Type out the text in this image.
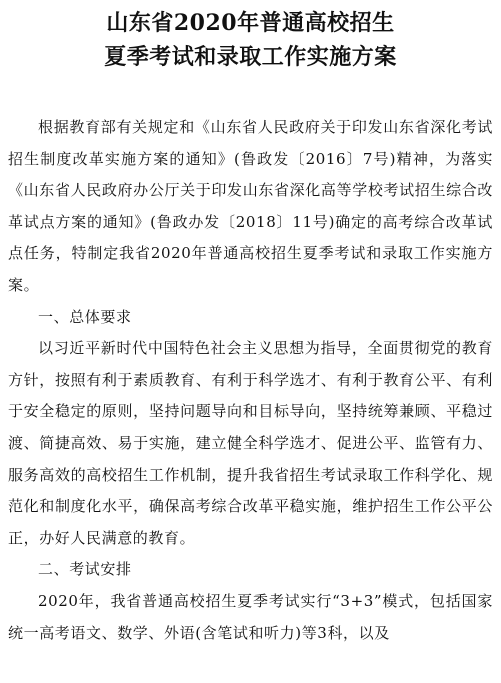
山东省2020年普通高校招生
夏季考试和录取工作实施方案

根据教育部有关规定和《山东省人民政府关于印发山东省深化考试招生制度改革实施方案的通知》(鲁政发〔2016〕7号)精神，为落实《山东省人民政府办公厅关于印发山东省深化高等学校考试招生综合改革试点方案的通知》(鲁政办发〔2018〕11号)确定的高考综合改革试点任务，特制定我省2020年普通高校招生夏季考试和录取工作实施方案。

一、总体要求

以习近平新时代中国特色社会主义思想为指导，全面贯彻党的教育方针，按照有利于素质教育、有利于科学选才、有利于教育公平、有利于安全稳定的原则，坚持问题导向和目标导向，坚持统筹兼顾、平稳过渡、简捷高效、易于实施，建立健全科学选才、促进公平、监管有力、服务高效的高校招生工作机制，提升我省招生考试录取工作科学化、规范化和制度化水平，确保高考综合改革平稳实施，维护招生工作公平公正，办好人民满意的教育。

二、考试安排

2020年，我省普通高校招生夏季考试实行“3+3”模式，包括国家统一高考语文、数学、外语(含笔试和听力)等3科，以及
